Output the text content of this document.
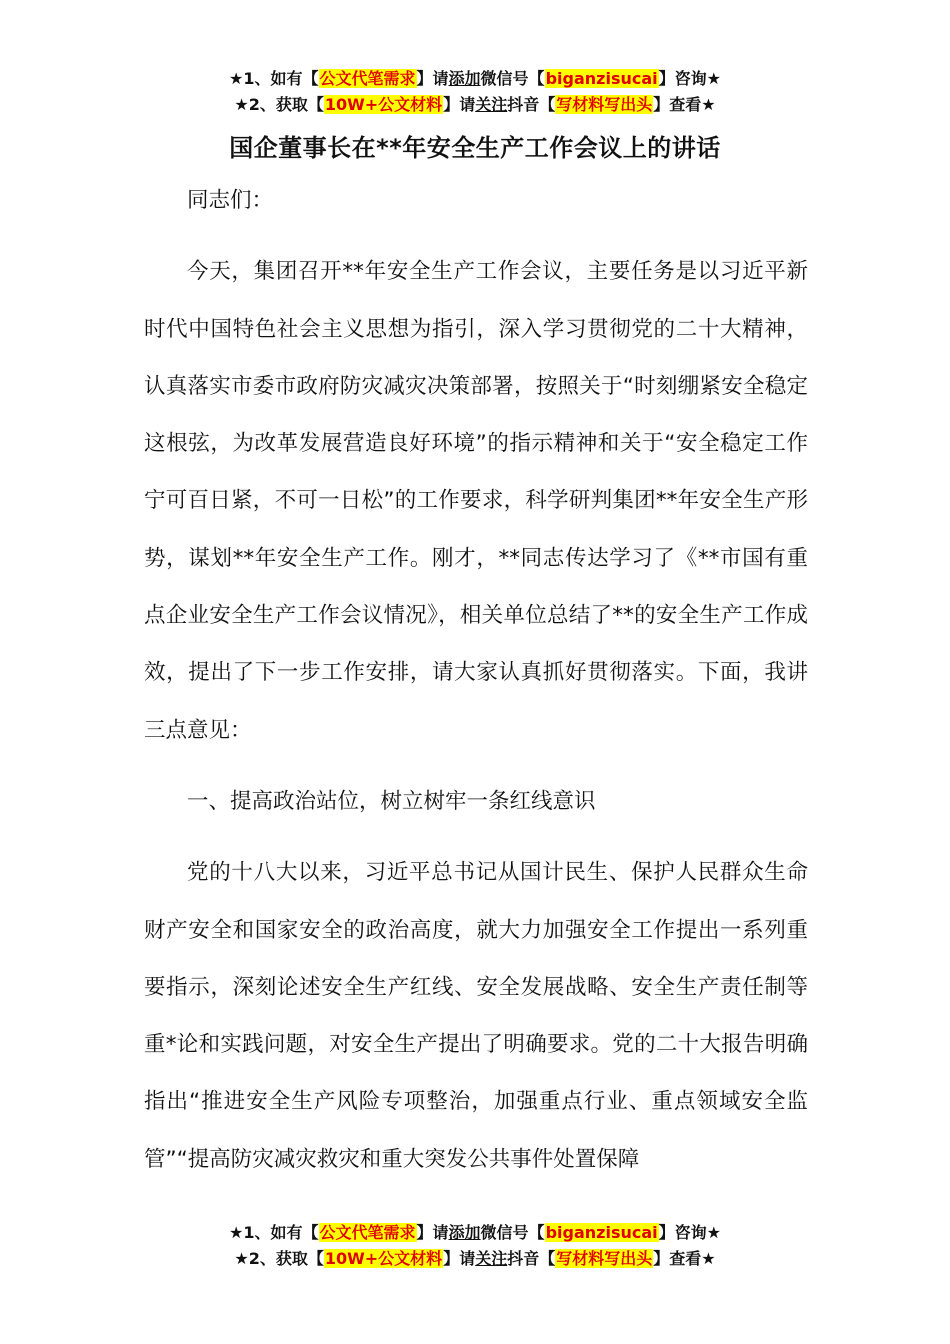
★1、如有【公文代笔需求】请添加微信号【biganzisucai】咨询★
★2、获取【10W+公文材料】请关注抖音【写材料写出头】查看★
国企董事长在**年安全生产工作会议上的讲话

同志们：

今天，集团召开**年安全生产工作会议，主要任务是以习近平新时代中国特色社会主义思想为指引，深入学习贯彻党的二十大精神，认真落实市委市政府防灾减灾决策部署，按照关于“时刻绷紧安全稳定这根弦，为改革发展营造良好环境”的指示精神和关于“安全稳定工作宁可百日紧，不可一日松”的工作要求，科学研判集团**年安全生产形势，谋划**年安全生产工作。刚才，**同志传达学习了《**市国有重点企业安全生产工作会议情况》，相关单位总结了**的安全生产工作成效，提出了下一步工作安排，请大家认真抓好贯彻落实。下面，我讲三点意见：

一、提高政治站位，树立树牢一条红线意识

党的十八大以来，习近平总书记从国计民生、保护人民群众生命财产安全和国家安全的政治高度，就大力加强安全工作提出一系列重要指示，深刻论述安全生产红线、安全发展战略、安全生产责任制等重*论和实践问题，对安全生产提出了明确要求。党的二十大报告明确指出“推进安全生产风险专项整治，加强重点行业、重点领域安全监管”“提高防灾减灾救灾和重大突发公共事件处置保障

★1、如有【公文代笔需求】请添加微信号【biganzisucai】咨询★
★2、获取【10W+公文材料】请关注抖音【写材料写出头】查看★
